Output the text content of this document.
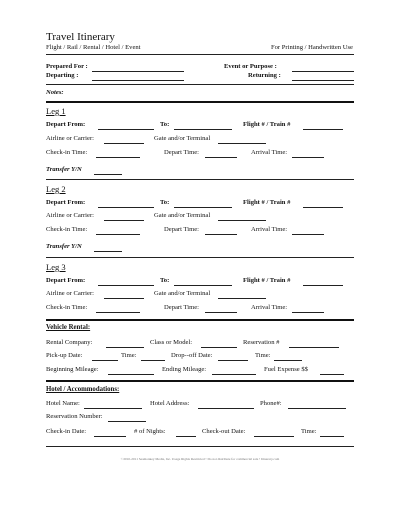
Travel Itinerary
Flight / Rail / Rental / Hotel / Event	For Printing / Handwritten Use
Prepared For :	Event or Purpose :
Departing :	Returning :
Notes:
Leg 1
Depart From:	To:	Flight # / Train #
Airline or Carrier:	Gate and/or Terminal
Check-in Time:	Depart Time:	Arrival Time:
Transfer Y/N
Leg 2
Depart From:	To:	Flight # / Train #
Airline or Carrier:	Gate and/or Terminal
Check-in Time:	Depart Time:	Arrival Time:
Transfer Y/N
Leg 3
Depart From:	To:	Flight # / Train #
Airline or Carrier:	Gate and/or Terminal
Check-in Time:	Depart Time:	Arrival Time:
Vehicle Rental:
Rental Company:	Class or Model:	Reservation #
Pick-up Date:	Time:	Drop--off Date:	Time:
Beginning Mileage:	Ending Mileage:	Fuel Expense $$
Hotel / Accommodations:
Hotel Name:	Hotel Address:	Phone#:
Reservation Number:
Check-in Date:	# of Nights:	Check-out Date:	Time:
©2010-2011 Seamonkey Media, Inc. Usage Rights Restricted • Do not distribute for commercial sale • Itinerary.com
